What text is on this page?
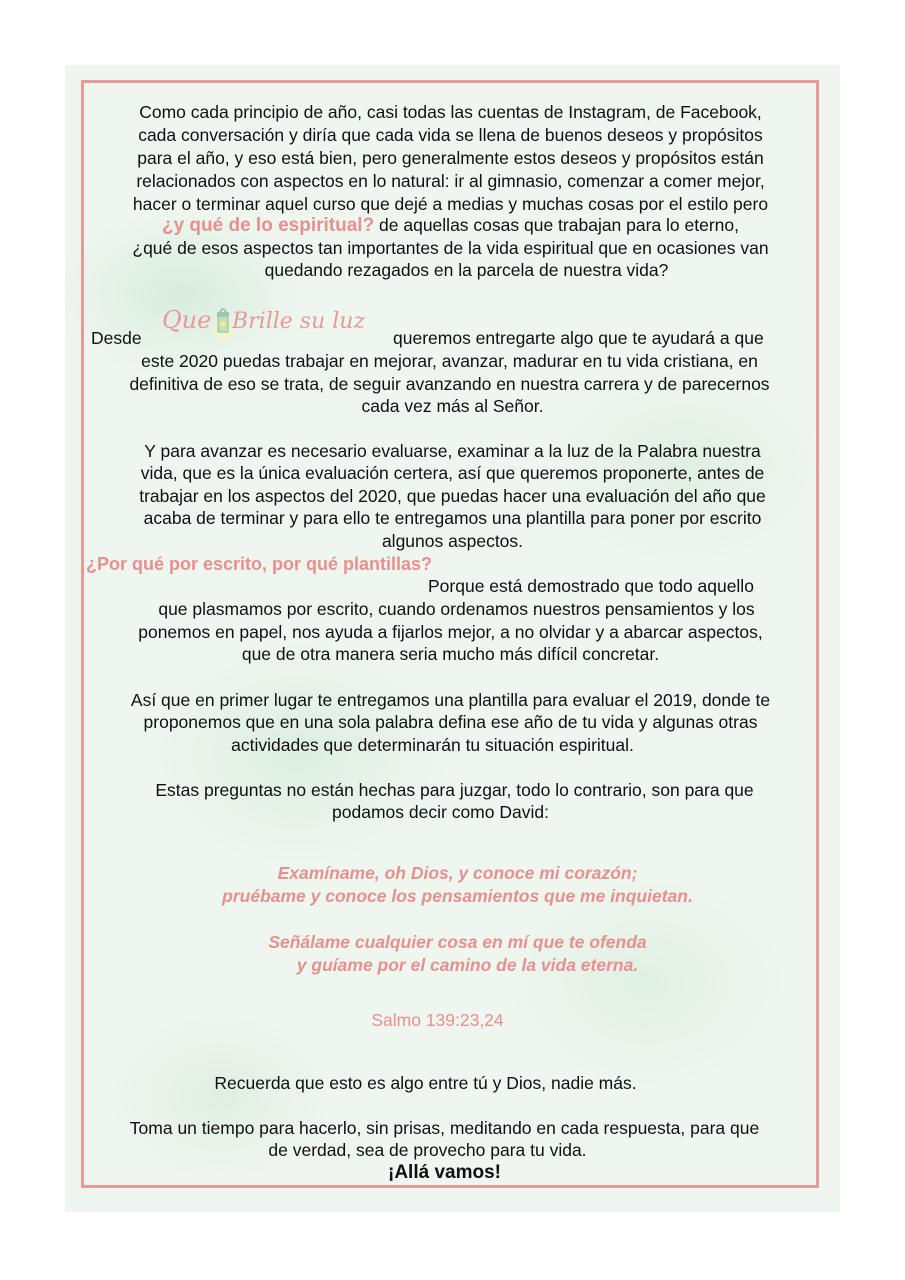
Como cada principio de año, casi todas las cuentas de Instagram, de Facebook,
cada conversación y diría que cada vida se llena de buenos deseos y propósitos
para el año, y eso está bien, pero generalmente estos deseos y propósitos están
relacionados con aspectos en lo natural: ir al gimnasio, comenzar a comer mejor,
hacer o terminar aquel curso que dejé a medias y muchas cosas por el estilo pero
¿y qué de lo espiritual? de aquellas cosas que trabajan para lo eterno,
¿qué de esos aspectos tan importantes de la vida espiritual que en ocasiones van
quedando rezagados en la parcela de nuestra vida?
Que Brille su luz
Desde	queremos entregarte algo que te ayudará a que
este 2020 puedas trabajar en mejorar, avanzar, madurar en tu vida cristiana, en
definitiva de eso se trata, de seguir avanzando en nuestra carrera y de parecernos
cada vez más al Señor.
Y para avanzar es necesario evaluarse, examinar a la luz de la Palabra nuestra
vida, que es la única evaluación certera, así que queremos proponerte, antes de
trabajar en los aspectos del 2020, que puedas hacer una evaluación del año que
acaba de terminar y para ello te entregamos una plantilla para poner por escrito
algunos aspectos.
¿Por qué por escrito, por qué plantillas?
Porque está demostrado que todo aquello
que plasmamos por escrito, cuando ordenamos nuestros pensamientos y los
ponemos en papel, nos ayuda a fijarlos mejor, a no olvidar y a abarcar aspectos,
que de otra manera seria mucho más difícil concretar.
Así que en primer lugar te entregamos una plantilla para evaluar el 2019, donde te
proponemos que en una sola palabra defina ese año de tu vida y algunas otras
actividades que determinarán tu situación espiritual.
Estas preguntas no están hechas para juzgar, todo lo contrario, son para que
podamos decir como David:
Examíname, oh Dios, y conoce mi corazón;
pruébame y conoce los pensamientos que me inquietan.
Señálame cualquier cosa en mí que te ofenda
y guíame por el camino de la vida eterna.
Salmo 139:23,24
Recuerda que esto es algo entre tú y Dios, nadie más.
Toma un tiempo para hacerlo, sin prisas, meditando en cada respuesta, para que
de verdad, sea de provecho para tu vida.
¡Allá vamos!
